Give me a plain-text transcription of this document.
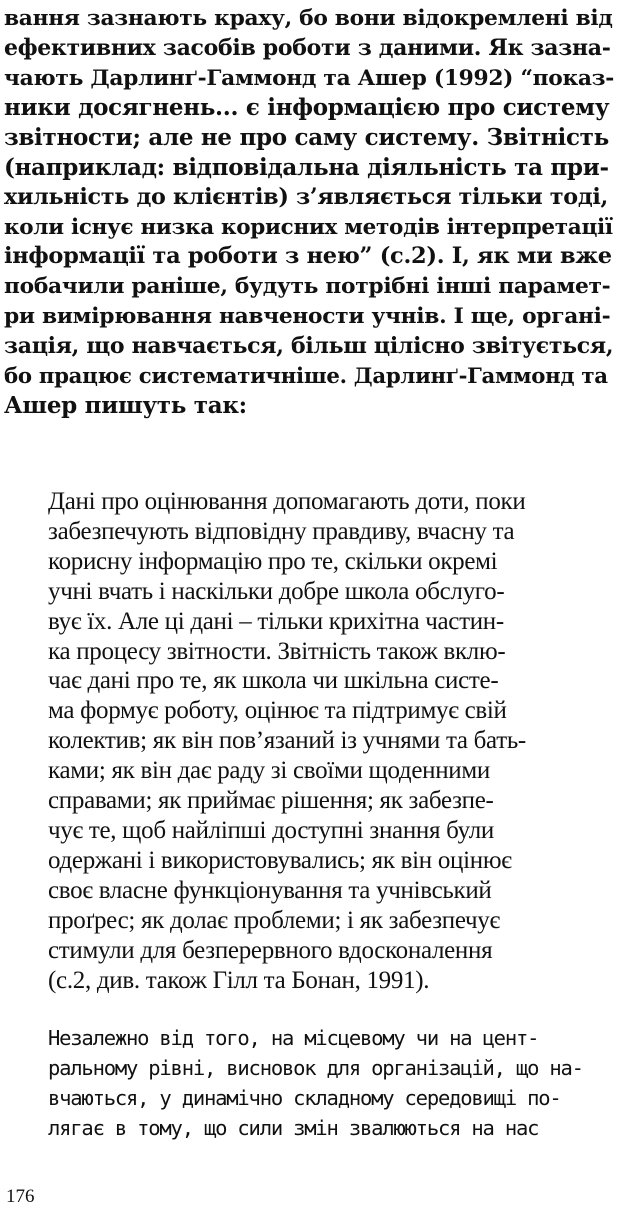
вання зазнають краху, бо вони відокремлені від
ефективних засобів роботи з даними. Як зазна-
чають Дарлинґ-Гаммонд та Ашер (1992) “показ-
ники досягнень... є інформацією про систему
звітности; але не про саму систему. Звітність
(наприклад: відповідальна діяльність та при-
хильність до клієнтів) з’являється тільки тоді,
коли існує низка корисних методів інтерпретації
інформації та роботи з нею” (с.2). І, як ми вже
побачили раніше, будуть потрібні інші парамет-
ри вимірювання навчености учнів. І ще, органі-
зація, що навчається, більш цілісно звітується,
бо працює систематичніше. Дарлинґ-Гаммонд та
Ашер пишуть так:
Дані про оцінювання допомагають доти, поки
забезпечують відповідну правдиву, вчасну та
корисну інформацію про те, скільки окремі
учні вчать і наскільки добре школа обслуго-
вує їх. Але ці дані – тільки крихітна частин-
ка процесу звітности. Звітність також вклю-
чає дані про те, як школа чи шкільна систе-
ма формує роботу, оцінює та підтримує свій
колектив; як він пов’язаний із учнями та бать-
ками; як він дає раду зі своїми щоденними
справами; як приймає рішення; як забезпе-
чує те, щоб найліпші доступні знання були
одержані і використовувались; як він оцінює
своє власне функціонування та учнівський
проґрес; як долає проблеми; і як забезпечує
стимули для безперервного вдосконалення
(с.2, див. також Гілл та Бонан, 1991).
Незалежно від того, на місцевому чи на цент-
ральному рівні, висновок для організацій, що на-
вчаються, у динамічно складному середовищі по-
лягає в тому, що сили змін звалюються на нас
176
